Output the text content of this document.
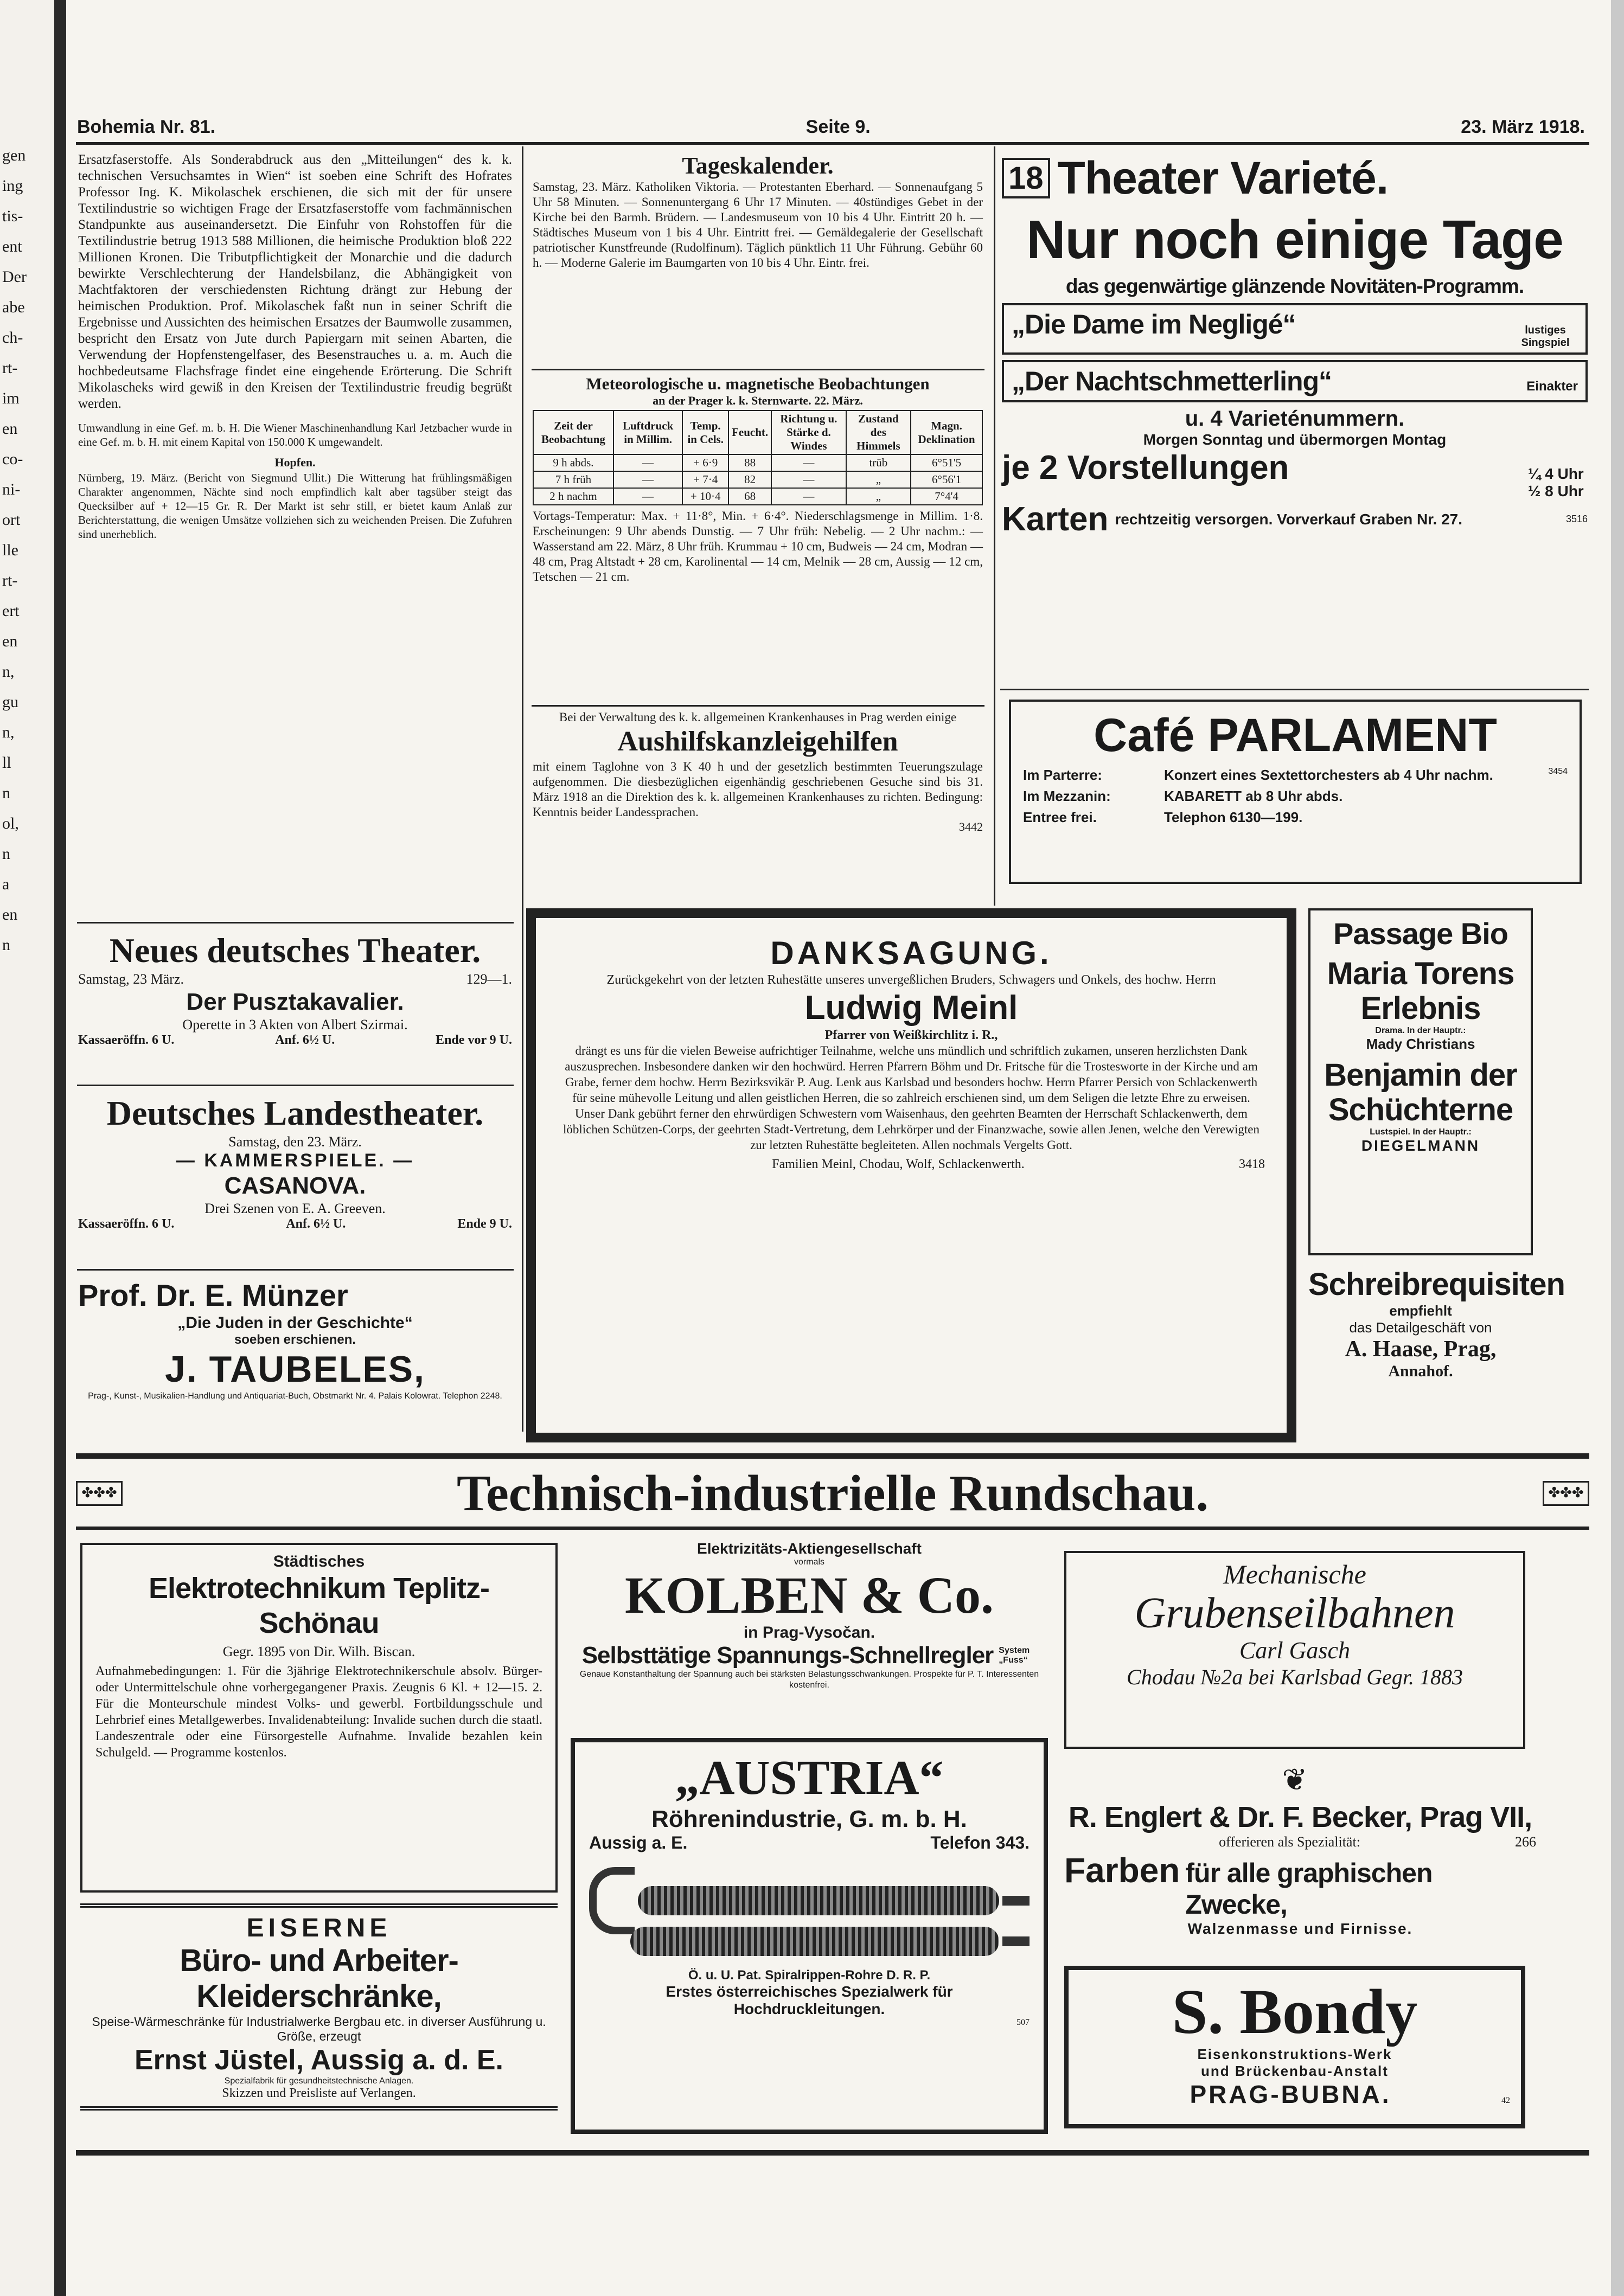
gen

ing

tis-

ent

Der

abe

ch-

rt-

im

en

co-

ni-

ort

lle

rt-

ert

en

n,

gu

n,

ll

n

ol,

n

a

en

n

Bohemia Nr. 81.	Seite 9.	23. März 1918.
Ersatzfaserstoffe. Als Sonderabdruck aus den „Mitteilungen“ des k. k. technischen Versuchsamtes in Wien“ ist soeben eine Schrift des Hofrates Professor Ing. K. Mikolaschek erschienen, die sich mit der für unsere Textilindustrie so wichtigen Frage der Ersatzfaserstoffe vom fachmännischen Standpunkte aus auseinandersetzt. Die Einfuhr von Rohstoffen für die Textilindustrie betrug 1913 588 Millionen, die heimische Produktion bloß 222 Millionen Kronen. Die Tributpflichtigkeit der Monarchie und die dadurch bewirkte Verschlechterung der Handelsbilanz, die Abhängigkeit von Machtfaktoren der verschiedensten Richtung drängt zur Hebung der heimischen Produktion. Prof. Mikolaschek faßt nun in seiner Schrift die Ergebnisse und Aussichten des heimischen Ersatzes der Baumwolle zusammen, bespricht den Ersatz von Jute durch Papiergarn mit seinen Abarten, die Verwendung der Hopfenstengelfaser, des Besenstrauches u. a. m. Auch die hochbedeutsame Flachsfrage findet eine eingehende Erörterung. Die Schrift Mikolascheks wird gewiß in den Kreisen der Textilindustrie freudig begrüßt werden.
Umwandlung in eine Gef. m. b. H. Die Wiener Maschinenhandlung Karl Jetzbacher wurde in eine Gef. m. b. H. mit einem Kapital von 150.000 K umgewandelt.
Hopfen.
Nürnberg, 19. März. (Bericht von Siegmund Ullit.) Die Witterung hat frühlingsmäßigen Charakter angenommen, Nächte sind noch empfindlich kalt aber tagsüber steigt das Quecksilber auf + 12—15 Gr. R. Der Markt ist sehr still, er bietet kaum Anlaß zur Berichterstattung, die wenigen Umsätze vollziehen sich zu weichenden Preisen. Die Zufuhren sind unerheblich.
Neues deutsches Theater.
Samstag, 23 März.	129—1.
Der Pusztakavalier.
Operette in 3 Akten von Albert Szirmai.
Kassaeröffn. 6 U.	Anf. 6½ U.	Ende vor 9 U.
Deutsches Landestheater.
Samstag, den 23. März.
— KAMMERSPIELE. —
CASANOVA.
Drei Szenen von E. A. Greeven.
Kassaeröffn. 6 U.	Anf. 6½ U.	Ende 9 U.
Prof. Dr. E. Münzer
„Die Juden in der Geschichte“
soeben erschienen.
J. TAUBELES,
Prag-, Kunst-, Musikalien-Handlung und Antiquariat-Buch, Obstmarkt Nr. 4. Palais Kolowrat. Telephon 2248.
Tageskalender.
Samstag, 23. März. Katholiken Viktoria. — Protestanten Eberhard. — Sonnenaufgang 5 Uhr 58 Minuten. — Sonnenuntergang 6 Uhr 17 Minuten. — 40stündiges Gebet in der Kirche bei den Barmh. Brüdern. — Landesmuseum von 10 bis 4 Uhr. Eintritt 20 h. — Städtisches Museum von 1 bis 4 Uhr. Eintritt frei. — Gemäldegalerie der Gesellschaft patriotischer Kunstfreunde (Rudolfinum). Täglich pünktlich 11 Uhr Führung. Gebühr 60 h. — Moderne Galerie im Baumgarten von 10 bis 4 Uhr. Eintr. frei.
Meteorologische u. magnetische Beobachtungen
an der Prager k. k. Sternwarte. 22. März.
Zeit der Beobachtung	Luftdruck in Millim.	Temp. in Cels.	Feucht.	Richtung u. Stärke d. Windes	Zustand des Himmels	Magn. Deklination
9 h abds.	—	+ 6·9	88	—	trüb	6°51'5
7 h früh	—	+ 7·4	82	—	„	6°56'1
2 h nachm	—	+ 10·4	68	—	„	7°4'4
Vortags-Temperatur: Max. + 11·8°, Min. + 6·4°. Niederschlagsmenge in Millim. 1·8. Erscheinungen: 9 Uhr abends Dunstig. — 7 Uhr früh: Nebelig. — 2 Uhr nachm.: — Wasserstand am 22. März, 8 Uhr früh. Krummau + 10 cm, Budweis — 24 cm, Modran — 48 cm, Prag Altstadt + 28 cm, Karolinental — 14 cm, Melnik — 28 cm, Aussig — 12 cm, Tetschen — 21 cm.
Bei der Verwaltung des k. k. allgemeinen Krankenhauses in Prag werden einige
Aushilfskanzleigehilfen
mit einem Taglohne von 3 K 40 h und der gesetzlich bestimmten Teuerungszulage aufgenommen. Die diesbezüglichen eigenhändig geschriebenen Gesuche sind bis 31. März 1918 an die Direktion des k. k. allgemeinen Krankenhauses zu richten. Bedingung: Kenntnis beider Landessprachen.
3442
DANKSAGUNG.
Zurückgekehrt von der letzten Ruhestätte unseres unvergeßlichen Bruders, Schwagers und Onkels, des hochw. Herrn
Ludwig Meinl
Pfarrer von Weißkirchlitz i. R.,
drängt es uns für die vielen Beweise aufrichtiger Teilnahme, welche uns mündlich und schriftlich zukamen, unseren herzlichsten Dank auszusprechen. Insbesondere danken wir den hochwürd. Herren Pfarrern Böhm und Dr. Fritsche für die Trostesworte in der Kirche und am Grabe, ferner dem hochw. Herrn Bezirksvikär P. Aug. Lenk aus Karlsbad und besonders hochw. Herrn Pfarrer Persich von Schlackenwerth für seine mühevolle Leitung und allen geistlichen Herren, die so zahlreich erschienen sind, um dem Seligen die letzte Ehre zu erweisen. Unser Dank gebührt ferner den ehrwürdigen Schwestern vom Waisenhaus, den geehrten Beamten der Herrschaft Schlackenwerth, dem löblichen Schützen-Corps, der geehrten Stadt-Vertretung, dem Lehrkörper und der Finanzwache, sowie allen Jenen, welche den Verewigten zur letzten Ruhestätte begleiteten. Allen nochmals Vergelts Gott.
Familien Meinl, Chodau, Wolf, Schlackenwerth.	3418
18 Theater Varieté.
Nur noch einige Tage
das gegenwärtige glänzende Novitäten-Programm.
„Die Dame im Negligé“	lustiges Singspiel
„Der Nachtschmetterling“	Einakter
u. 4 Varieténummern.
Morgen Sonntag und übermorgen Montag
je 2 Vorstellungen	¼ 4 Uhr ½ 8 Uhr
Karten rechtzeitig versorgen. Vorverkauf Graben Nr. 27.	3516
Café PARLAMENT
Im Parterre:	Konzert eines Sextettorchesters ab 4 Uhr nachm.	3454
Im Mezzanin:	KABARETT ab 8 Uhr abds.
Entree frei.	Telephon 6130—199.
Passage Bio
Maria Torens Erlebnis
Drama. In der Hauptr.:
Mady Christians
Benjamin der Schüchterne
Lustspiel. In der Hauptr.:
DIEGELMANN
Schreibrequisiten
empfiehlt
das Detailgeschäft von
A. Haase, Prag,
Annahof.
✤✤✤	Technisch-industrielle Rundschau.	✤✤✤
Städtisches
Elektrotechnikum Teplitz-Schönau
Gegr. 1895 von Dir. Wilh. Biscan.
Aufnahmebedingungen: 1. Für die 3jährige Elektrotechnikerschule absolv. Bürger- oder Untermittelschule ohne vorhergegangener Praxis. Zeugnis 6 Kl. + 12—15. 2. Für die Monteurschule mindest Volks- und gewerbl. Fortbildungsschule und Lehrbrief eines Metallgewerbes. Invalidenabteilung: Invalide suchen durch die staatl. Landeszentrale oder eine Fürsorgestelle Aufnahme. Invalide bezahlen kein Schulgeld. — Programme kostenlos.
EISERNE
Büro- und Arbeiter-Kleiderschränke,
Speise-Wärmeschränke für Industrialwerke Bergbau etc. in diverser Ausführung u. Größe, erzeugt
Ernst Jüstel, Aussig a. d. E.
Spezialfabrik für gesundheitstechnische Anlagen.
Skizzen und Preisliste auf Verlangen.
Elektrizitäts-Aktiengesellschaft
vormals
KOLBEN & Co.
in Prag-Vysočan.
Selbsttätige Spannungs-Schnellregler System „Fuss“
Genaue Konstanthaltung der Spannung auch bei stärksten Belastungsschwankungen. Prospekte für P. T. Interessenten kostenfrei.
„AUSTRIA“
Röhrenindustrie, G. m. b. H.
Aussig a. E.	Telefon 343.
Ö. u. U. Pat. Spiralrippen-Rohre D. R. P.
Erstes österreichisches Spezialwerk für Hochdruckleitungen.
507
Mechanische
Grubenseilbahnen
Carl Gasch
Chodau №2a bei Karlsbad Gegr. 1883
❦
R. Englert & Dr. F. Becker, Prag VII,
offerieren als Spezialität:	266
Farben für alle graphischen Zwecke,
Walzenmasse und Firnisse.
S. Bondy
Eisenkonstruktions-Werk
und Brückenbau-Anstalt
PRAG-BUBNA.	42
